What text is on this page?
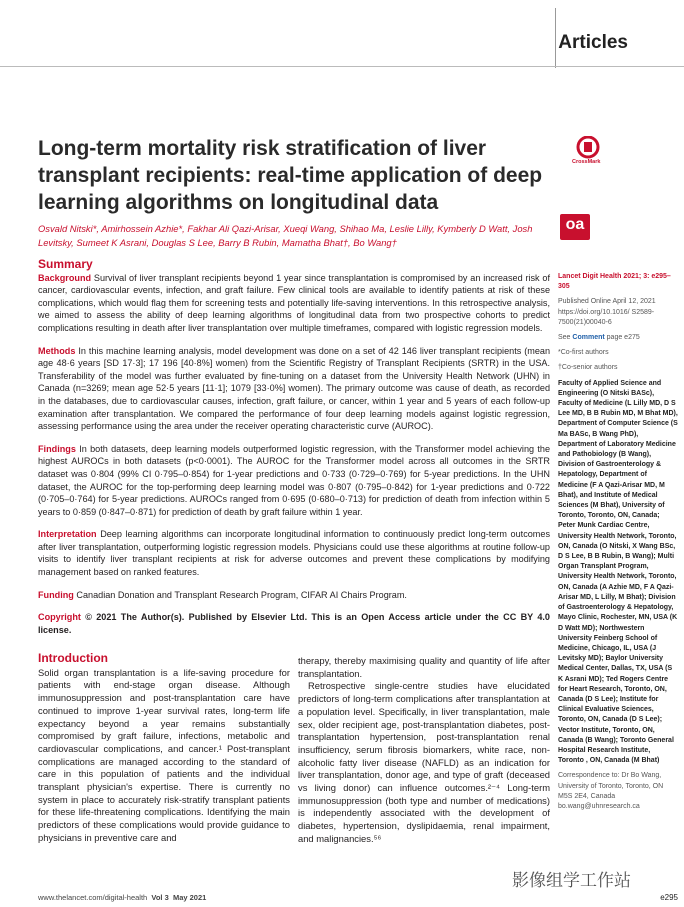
Articles
Long-term mortality risk stratification of liver transplant recipients: real-time application of deep learning algorithms on longitudinal data
Osvald Nitski*, Amirhossein Azhie*, Fakhar Ali Qazi-Arisar, Xueqi Wang, Shihao Ma, Leslie Lilly, Kymberly D Watt, Josh Levitsky, Sumeet K Asrani, Douglas S Lee, Barry B Rubin, Mamatha Bhat†, Bo Wang†
CrossMark
oa
Summary

Background Survival of liver transplant recipients beyond 1 year since transplantation is compromised by an increased risk of cancer, cardiovascular events, infection, and graft failure. Few clinical tools are available to identify patients at risk of these complications, which would flag them for screening tests and potentially life-saving interventions. In this retrospective analysis, we aimed to assess the ability of deep learning algorithms of longitudinal data from two prospective cohorts to predict complications resulting in death after liver transplantation over multiple timeframes, compared with logistic regression models.

Methods In this machine learning analysis, model development was done on a set of 42 146 liver transplant recipients (mean age 48·6 years [SD 17·3]; 17 196 [40·8%] women) from the Scientific Registry of Transplant Recipients (SRTR) in the USA. Transferability of the model was further evaluated by fine-tuning on a dataset from the University Health Network (UHN) in Canada (n=3269; mean age 52·5 years [11·1]; 1079 [33·0%] women). The primary outcome was cause of death, as recorded in the databases, due to cardiovascular causes, infection, graft failure, or cancer, within 1 year and 5 years of each follow-up examination after transplantation. We compared the performance of four deep learning models against logistic regression, assessing performance using the area under the receiver operating characteristic curve (AUROC).

Findings In both datasets, deep learning models outperformed logistic regression, with the Transformer model achieving the highest AUROCs in both datasets (p<0·0001). The AUROC for the Transformer model across all outcomes in the SRTR dataset was 0·804 (99% CI 0·795–0·854) for 1-year predictions and 0·733 (0·729–0·769) for 5-year predictions. In the UHN dataset, the AUROC for the top-performing deep learning model was 0·807 (0·795–0·842) for 1-year predictions and 0·722 (0·705–0·764) for 5-year predictions. AUROCs ranged from 0·695 (0·680–0·713) for prediction of death from infection within 5 years to 0·859 (0·847–0·871) for prediction of death by graft failure within 1 year.

Interpretation Deep learning algorithms can incorporate longitudinal information to continuously predict long-term outcomes after liver transplantation, outperforming logistic regression models. Physicians could use these algorithms at routine follow-up visits to identify liver transplant recipients at risk for adverse outcomes and prevent these complications by modifying management based on ranked features.

Funding Canadian Donation and Transplant Research Program, CIFAR AI Chairs Program.

Copyright © 2021 The Author(s). Published by Elsevier Ltd. This is an Open Access article under the CC BY 4.0 license.

Introduction

Solid organ transplantation is a life-saving procedure for patients with end-stage organ disease. Although immunosuppression and post-transplantation care have continued to improve 1-year survival rates, long-term life expectancy beyond a year remains substantially compromised by graft failure, infections, metabolic and cardiovascular complications, and cancer.¹ Post-transplant complications are managed according to the standard of care in this population of patients and the individual transplant physician's expertise. There is currently no system in place to accurately risk-stratify transplant patients for these life-threatening complications. Identifying the main predictors of these complications would provide guidance to physicians in preventive care and

therapy, thereby maximising quality and quantity of life after transplantation.

Retrospective single-centre studies have elucidated predictors of long-term complications after transplantation at a population level. Specifically, in liver transplantation, male sex, older recipient age, post-transplantation diabetes, post-transplantation hypertension, post-transplantation renal insufficiency, serum fibrosis biomarkers, white race, non-alcoholic fatty liver disease (NAFLD) as an indication for liver transplantation, donor age, and type of graft (deceased vs living donor) can influence outcomes.²⁻⁴ Long-term immunosuppression (both type and number of medications) is independently associated with the development of diabetes, hypertension, dyslipidaemia, renal impairment, and malignancies.⁵⁶

Lancet Digit Health 2021; 3: e295–305

Published Online April 12, 2021 https://doi.org/10.1016/ S2589-7500(21)00040-6

See Comment page e275

*Co-first authors

†Co-senior authors

Faculty of Applied Science and Engineering (O Nitski BASc), Faculty of Medicine (L Lilly MD, D S Lee MD, B B Rubin MD, M Bhat MD), Department of Computer Science (S Ma BASc, B Wang PhD), Department of Laboratory Medicine and Pathobiology (B Wang), Division of Gastroenterology & Hepatology, Department of Medicine (F A Qazi-Arisar MD, M Bhat), and Institute of Medical Sciences (M Bhat), University of Toronto, Toronto, ON, Canada; Peter Munk Cardiac Centre, University Health Network, Toronto, ON, Canada (O Nitski, X Wang BSc, D S Lee, B B Rubin, B Wang); Multi Organ Transplant Program, University Health Network, Toronto, ON, Canada (A Azhie MD, F A Qazi-Arisar MD, L Lilly, M Bhat); Division of Gastroenterology & Hepatology, Mayo Clinic, Rochester, MN, USA (K D Watt MD); Northwestern University Feinberg School of Medicine, Chicago, IL, USA (J Levitsky MD); Baylor University Medical Center, Dallas, TX, USA (S K Asrani MD); Ted Rogers Centre for Heart Research, Toronto, ON, Canada (D S Lee); Institute for Clinical Evaluative Sciences, Toronto, ON, Canada (D S Lee); Vector Institute, Toronto, ON, Canada (B Wang); Toronto General Hospital Research Institute, Toronto , ON, Canada (M Bhat)

Correspondence to: Dr Bo Wang, University of Toronto, Toronto, ON M5S 2E4, Canada
bo.wang@uhnresearch.ca

影像组学工作站
www.thelancet.com/digital-health Vol 3 May 2021	e295
